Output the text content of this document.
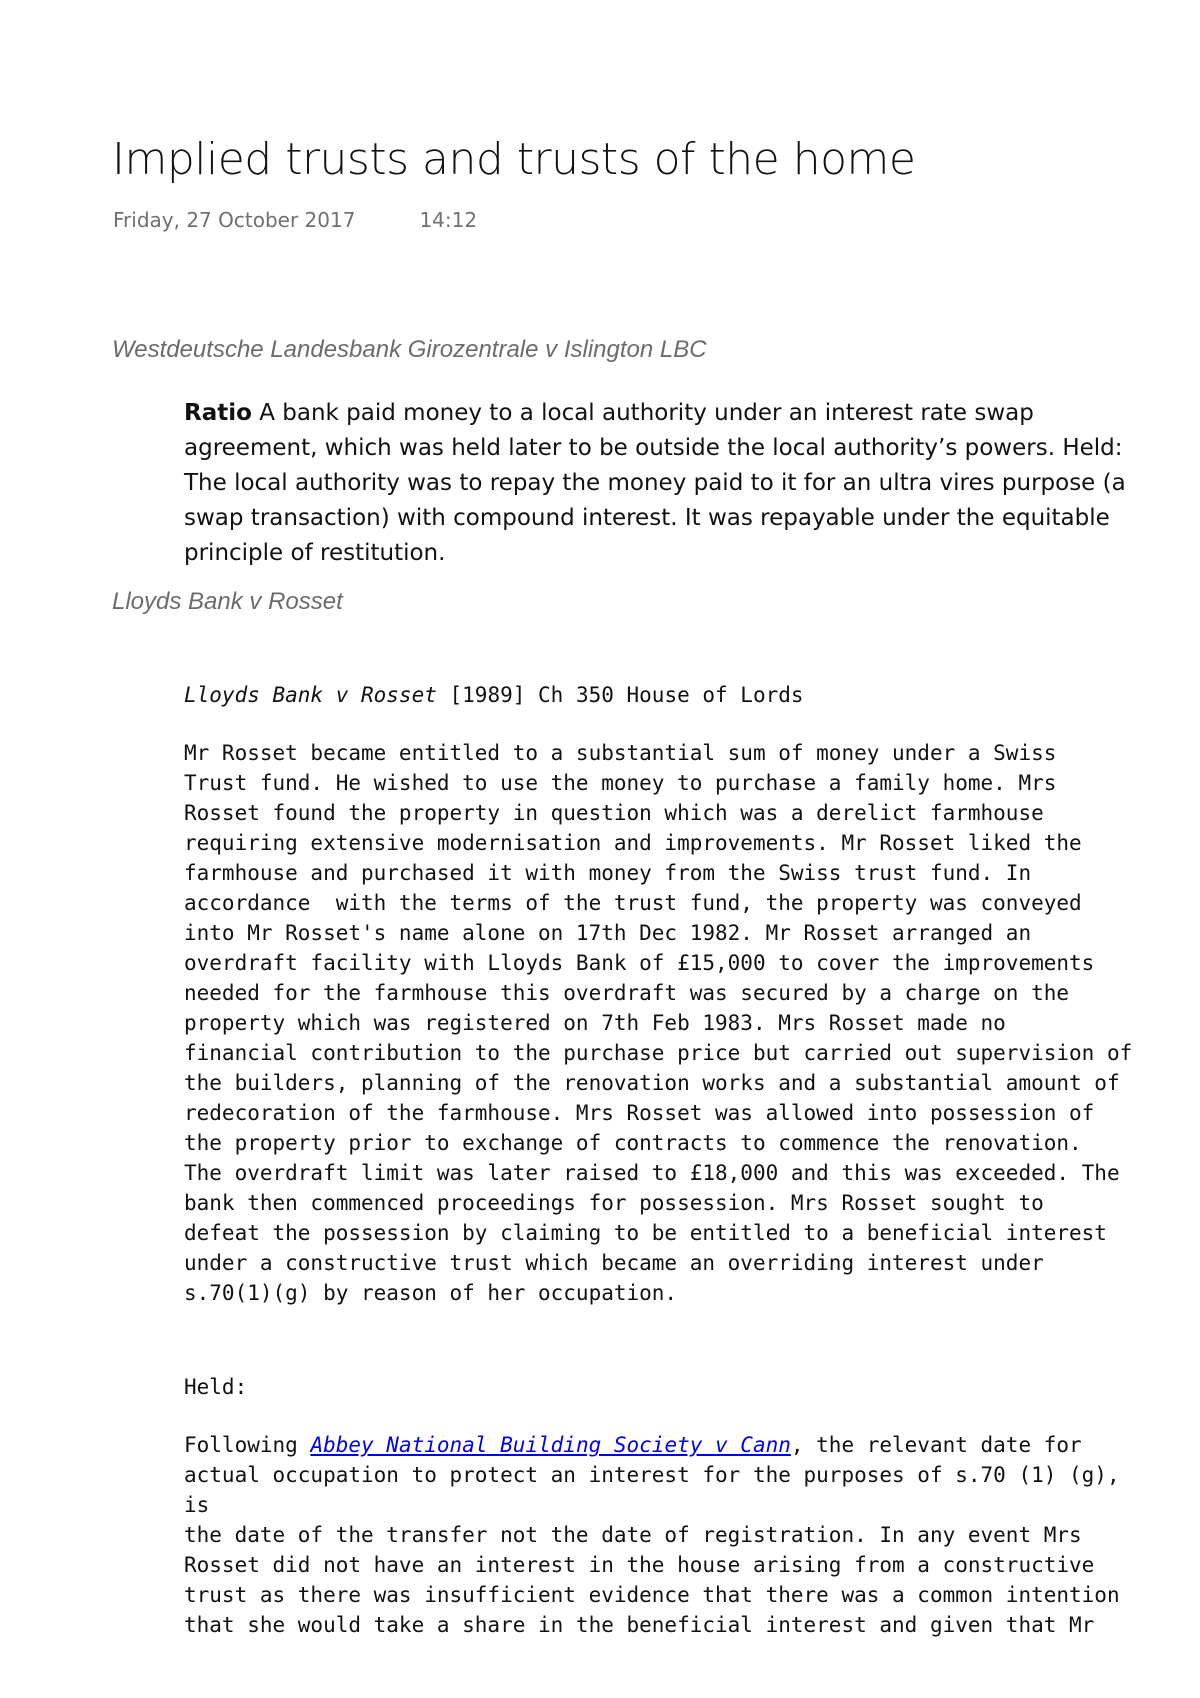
Implied trusts and trusts of the home
Friday, 27 October 2017	14:12

Westdeutsche Landesbank Girozentrale v Islington LBC

Ratio A bank paid money to a local authority under an interest rate swap agreement, which was held later to be outside the local authority’s powers. Held: The local authority was to repay the money paid to it for an ultra vires purpose (a swap transaction) with compound interest. It was repayable under the equitable principle of restitution.

Lloyds Bank v Rosset

Lloyds Bank v Rosset [1989] Ch 350 House of Lords

Mr Rosset became entitled to a substantial sum of money under a Swiss
Trust fund. He wished to use the money to purchase a family home. Mrs
Rosset found the property in question which was a derelict farmhouse
requiring extensive modernisation and improvements. Mr Rosset liked the
farmhouse and purchased it with money from the Swiss trust fund. In
accordance  with the terms of the trust fund, the property was conveyed
into Mr Rosset's name alone on 17th Dec 1982. Mr Rosset arranged an
overdraft facility with Lloyds Bank of £15,000 to cover the improvements
needed for the farmhouse this overdraft was secured by a charge on the
property which was registered on 7th Feb 1983. Mrs Rosset made no
financial contribution to the purchase price but carried out supervision of
the builders, planning of the renovation works and a substantial amount of
redecoration of the farmhouse. Mrs Rosset was allowed into possession of
the property prior to exchange of contracts to commence the renovation.
The overdraft limit was later raised to £18,000 and this was exceeded. The
bank then commenced proceedings for possession. Mrs Rosset sought to
defeat the possession by claiming to be entitled to a beneficial interest
under a constructive trust which became an overriding interest under
s.70(1)(g) by reason of her occupation.

Held:

Following Abbey National Building Society v Cann, the relevant date for
actual occupation to protect an interest for the purposes of s.70 (1) (g), is
the date of the transfer not the date of registration. In any event Mrs
Rosset did not have an interest in the house arising from a constructive
trust as there was insufficient evidence that there was a common intention
that she would take a share in the beneficial interest and given that Mr
